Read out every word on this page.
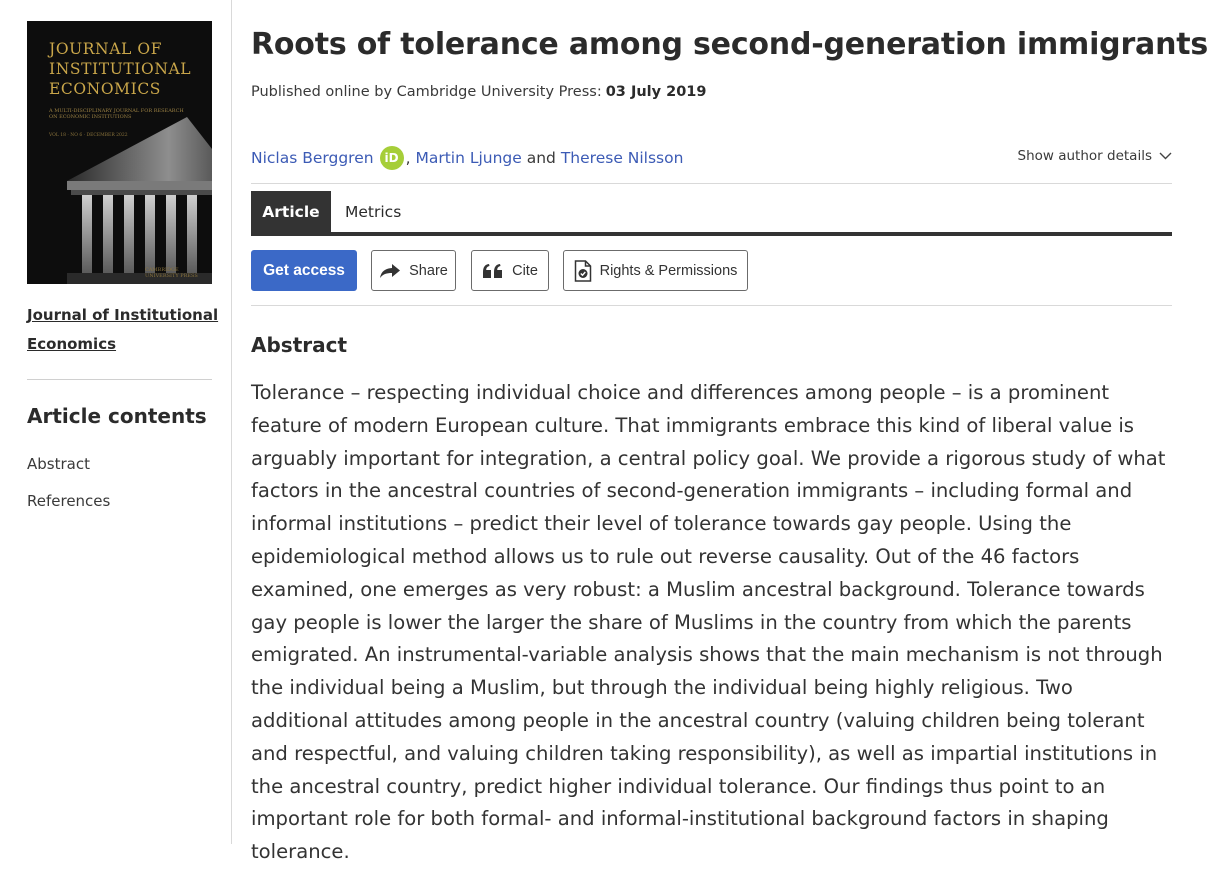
JOURNAL OF INSTITUTIONAL ECONOMICS
A MULTI-DISCIPLINARY JOURNAL FOR RESEARCH ON ECONOMIC INSTITUTIONS
VOL 18 · NO 6 · DECEMBER 2022
CAMBRIDGE UNIVERSITY PRESS
Journal of Institutional Economics
Article contents
Abstract
References
Roots of tolerance among second-generation immigrants
Published online by Cambridge University Press: 03 July 2019
Niclas Berggren iD ,
Martin Ljunge
and
Therese Nilsson	Show author details
Article	Metrics
Get access	Share	Cite	Rights & Permissions
Abstract

Tolerance – respecting individual choice and differences among people – is a prominent feature of modern European culture. That immigrants embrace this kind of liberal value is arguably important for integration, a central policy goal. We provide a rigorous study of what factors in the ancestral countries of second-generation immigrants – including formal and informal institutions – predict their level of tolerance towards gay people. Using the epidemiological method allows us to rule out reverse causality. Out of the 46 factors examined, one emerges as very robust: a Muslim ancestral background. Tolerance towards gay people is lower the larger the share of Muslims in the country from which the parents emigrated. An instrumental-variable analysis shows that the main mechanism is not through the individual being a Muslim, but through the individual being highly religious. Two additional attitudes among people in the ancestral country (valuing children being tolerant and respectful, and valuing children taking responsibility), as well as impartial institutions in the ancestral country, predict higher individual tolerance. Our findings thus point to an important role for both formal- and informal-institutional background factors in shaping tolerance.
